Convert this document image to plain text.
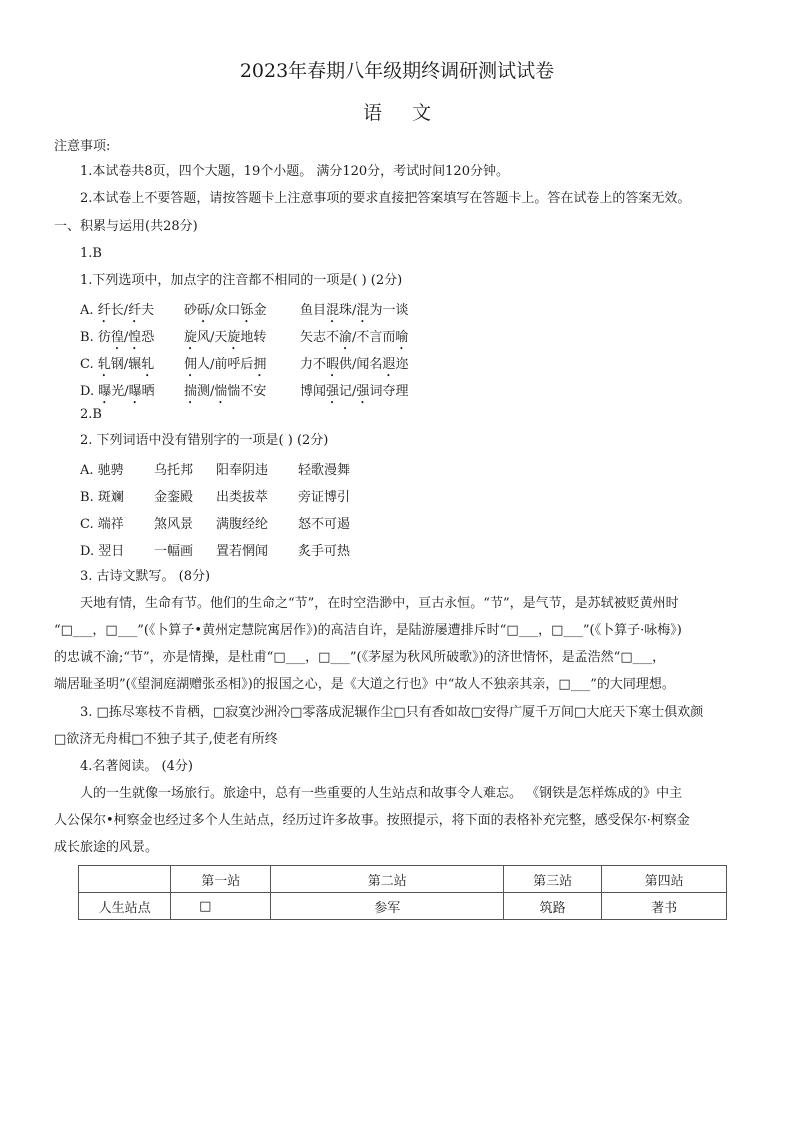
2023年春期八年级期终调研测试试卷
语文
注意事项:
1.本试卷共8页，四个大题，19个小题。 满分120分，考试时间120分钟。
2.本试卷上不要答题，请按答题卡上注意事项的要求直接把答案填写在答题卡上。答在试卷上的答案无效。
一、积累与运用(共28分)
1.B
1.下列选项中，加点字的注音都不相同的一项是( ) (2分)
A. 纤长/纤夫 砂砾/众口铄金	鱼目混珠/混为一谈
B. 彷徨/惶恐 旋风/天旋地转	矢志不渝/不言而喻
C. 轧钢/辗轧 佣人/前呼后拥	力不暇供/闻名遐迩
D. 曝光/曝晒 揣测/惴惴不安	博闻强记/强词夺理
2.B
2. 下列词语中没有错别字的一项是( ) (2分)
A. 驰骋 乌托邦 阳奉阴违 轻歌漫舞
B. 斑斓 金銮殿 出类拔萃 旁证博引
C. 端祥 煞风景 满腹经纶 怒不可遏
D. 翌日 一幅画 置若惘闻 炙手可热
3. 古诗文默写。 (8分)
天地有情，生命有节。他们的生命之“节”，在时空浩渺中，亘古永恒。“节”，是气节，是苏轼被贬黄州时
“□___，□___”(《卜算子•黄州定慧院寓居作》)的高洁自许，是陆游屡遭排斥时“□___，□___”(《卜算子·咏梅》)
的忠诚不渝;“节”，亦是情操，是杜甫“□___，□___”(《茅屋为秋风所破歌》)的济世情怀，是孟浩然“□___，
端居耻圣明”(《望洞庭湖赠张丞相》)的报国之心，是《大道之行也》中“故人不独亲其亲，□___”的大同理想。
3. □拣尽寒枝不肯栖，□寂寞沙洲冷□零落成泥辗作尘□只有香如故□安得广厦千万间□大庇天下寒士俱欢颜
□欲济无舟楫□不独子其子,使老有所终
4.名著阅读。 (4分)
人的一生就像一场旅行。旅途中，总有一些重要的人生站点和故事令人难忘。 《钢铁是怎样炼成的》中主
人公保尔•柯察金也经过多个人生站点，经历过许多故事。按照提示，将下面的表格补充完整，感受保尔·柯察金
成长旅途的风景。
	第一站	第二站	第三站	第四站
人生站点	□	参军	筑路	著书
